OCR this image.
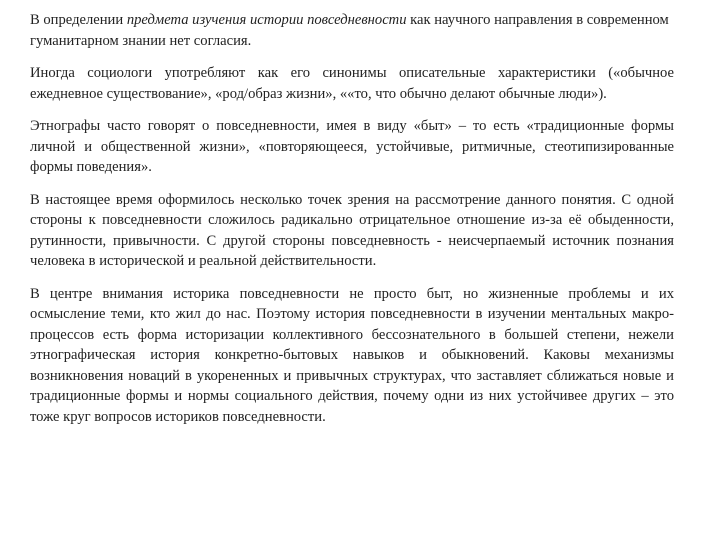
В определении предмета изучения истории повседневности как научного направления в современном гуманитарном знании нет согласия.

Иногда социологи употребляют как его синонимы описательные характеристики («обычное ежедневное существование», «род/образ жизни», ««то, что обычно делают обычные люди»).

Этнографы часто говорят о повседневности, имея в виду «быт» – то есть «традиционные формы личной и общественной жизни», «повторяющееся, устойчивые, ритмичные, стеотипизированные формы поведения».

В настоящее время оформилось несколько точек зрения на рассмотрение данного понятия. С одной стороны к повседневности сложилось радикально отрицательное отношение из-за её обыденности, рутинности, привычности. С другой стороны повседневность - неисчерпаемый источник познания человека в исторической и реальной действительности.

В центре внимания историка повседневности не просто быт, но жизненные проблемы и их осмысление теми, кто жил до нас. Поэтому история повседневности в изучении ментальных макро-процессов есть форма историзации коллективного бессознательного в большей степени, нежели этнографическая история конкретно-бытовых навыков и обыкновений. Каковы механизмы возникновения новаций в укорененных и привычных структурах, что заставляет сближаться новые и традиционные формы и нормы социального действия, почему одни из них устойчивее других – это тоже круг вопросов историков повседневности.
